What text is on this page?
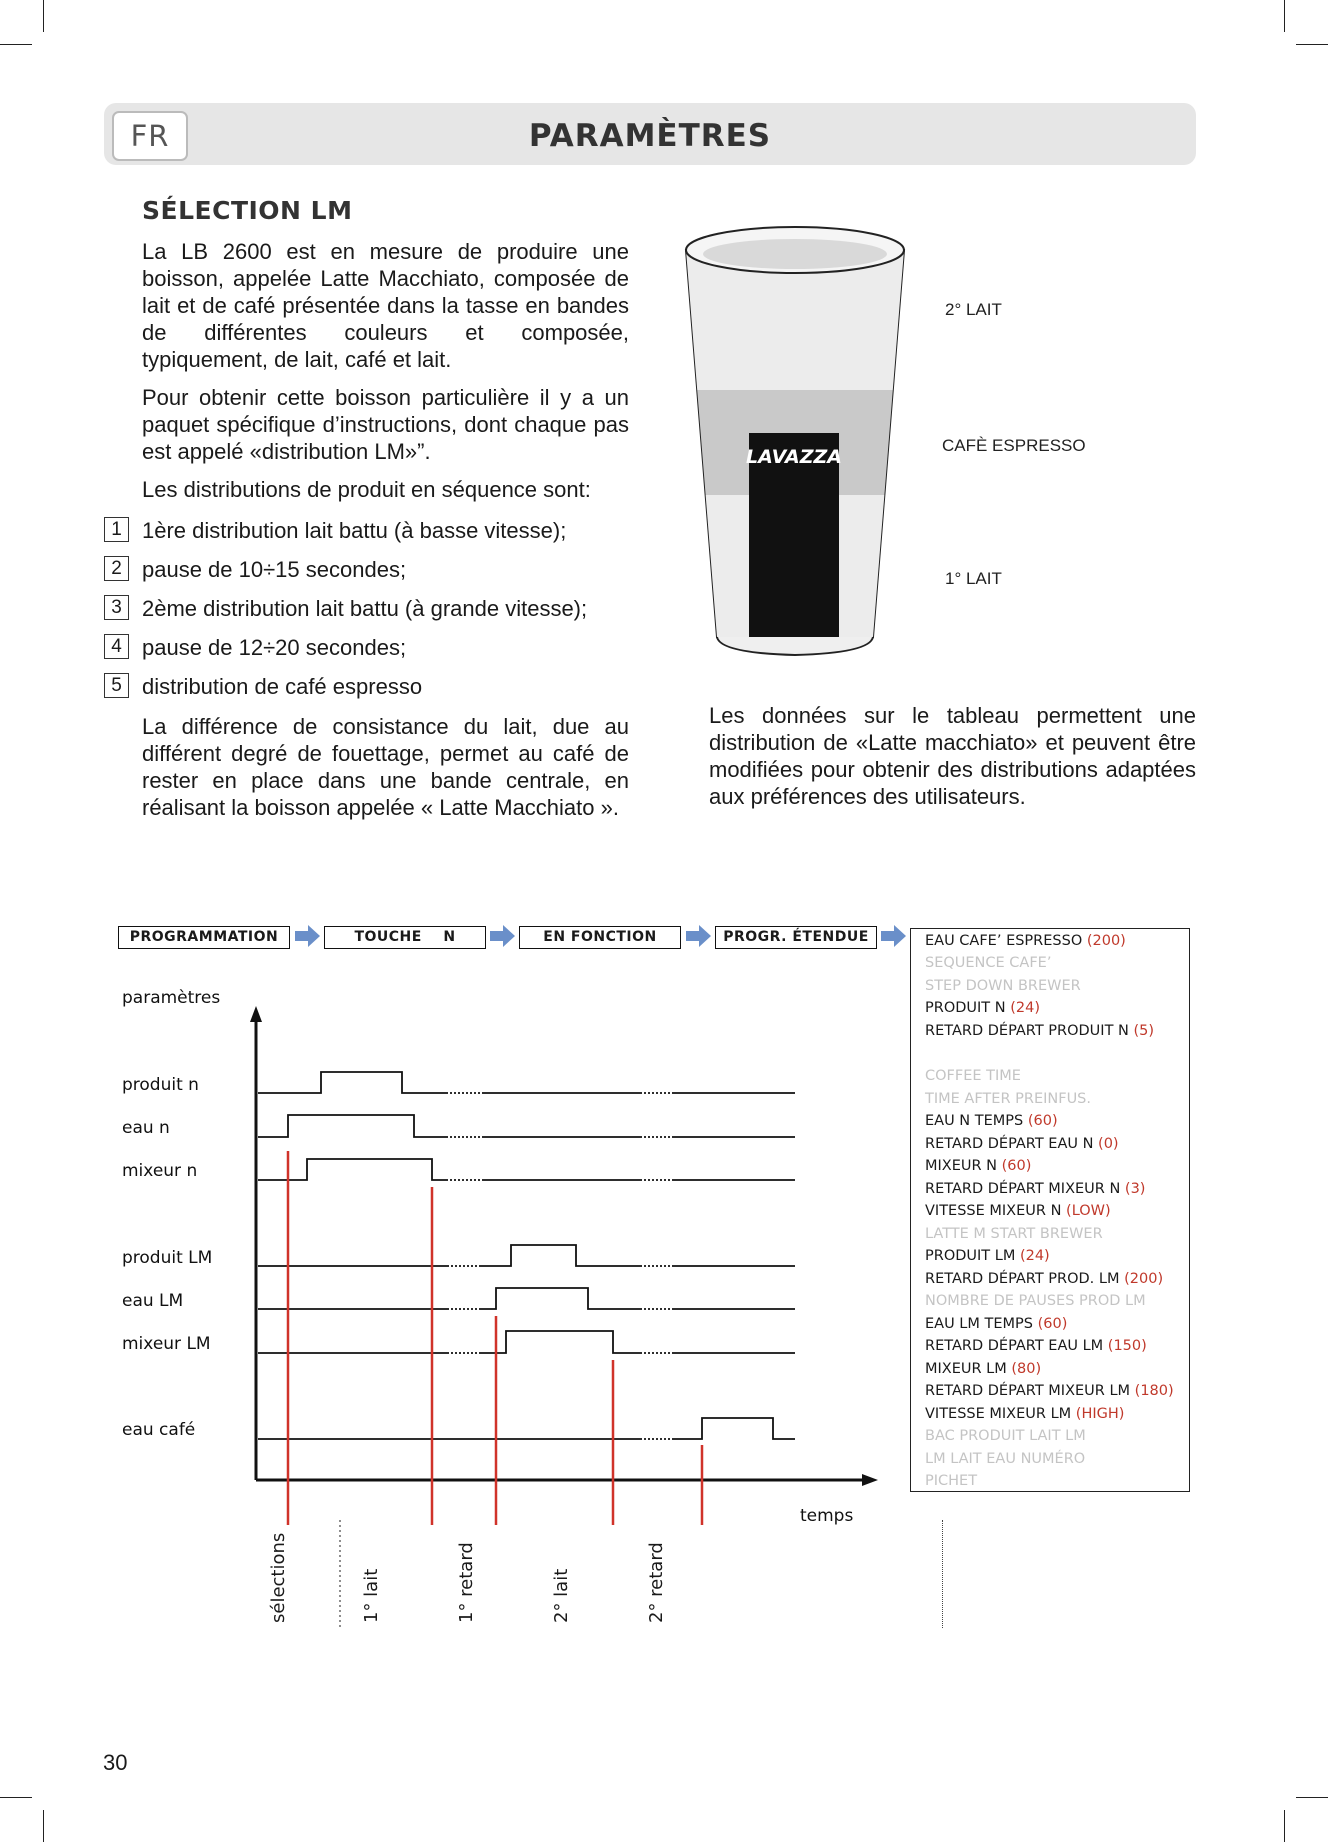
FR	PARAMÈTRES
SÉLECTION LM

La LB 2600 est en mesure de produire une boisson, appelée Latte Macchiato, composée de lait et de café présentée dans la tasse en bandes de différentes couleurs et composée, typiquement, de lait, café et lait.

Pour obtenir cette boisson particulière il y a un paquet spécifique d’instructions, dont chaque pas est appelé «distribution LM»”.

Les distributions de produit en séquence sont:

1 1ère distribution lait battu (à basse vitesse);
2 pause de 10÷15 secondes;
3 2ème distribution lait battu (à grande vitesse);
4 pause de 12÷20 secondes;
5 distribution de café espresso
La différence de consistance du lait, due au différent degré de fouettage, permet au café de rester en place dans une bande centrale, en réalisant la boisson appelée « Latte Macchiato ».
LAVAZZA
2° LAIT
CAFÈ ESPRESSO
1° LAIT
Les données sur le tableau permettent une distribution de «Latte macchiato» et peuvent être modifiées pour obtenir des distributions adaptées aux préférences des utilisateurs.
PROGRAMMATION	TOUCHE    N	EN FONCTION	PROGR. ÉTENDUE
paramètres
produit n
eau n
mixeur n
produit LM
eau LM
mixeur LM
eau café
temps
sélections	1° lait	1° retard	2° lait	2° retard
EAU CAFE’ ESPRESSO (200)
SEQUENCE CAFE’
STEP DOWN BREWER
PRODUIT N (24)
RETARD DÉPART PRODUIT N (5)
COFFEE TIME
TIME AFTER PREINFUS.
EAU N TEMPS (60)
RETARD DÉPART EAU N (0)
MIXEUR N (60)
RETARD DÉPART MIXEUR N (3)
VITESSE MIXEUR N (LOW)
LATTE M START BREWER
PRODUIT LM (24)
RETARD DÉPART PROD. LM (200)
NOMBRE DE PAUSES PROD LM
EAU LM TEMPS (60)
RETARD DÉPART EAU LM (150)
MIXEUR LM (80)
RETARD DÉPART MIXEUR LM (180)
VITESSE MIXEUR LM (HIGH)
BAC PRODUIT LAIT LM
LM LAIT EAU NUMÉRO
PICHET
30
